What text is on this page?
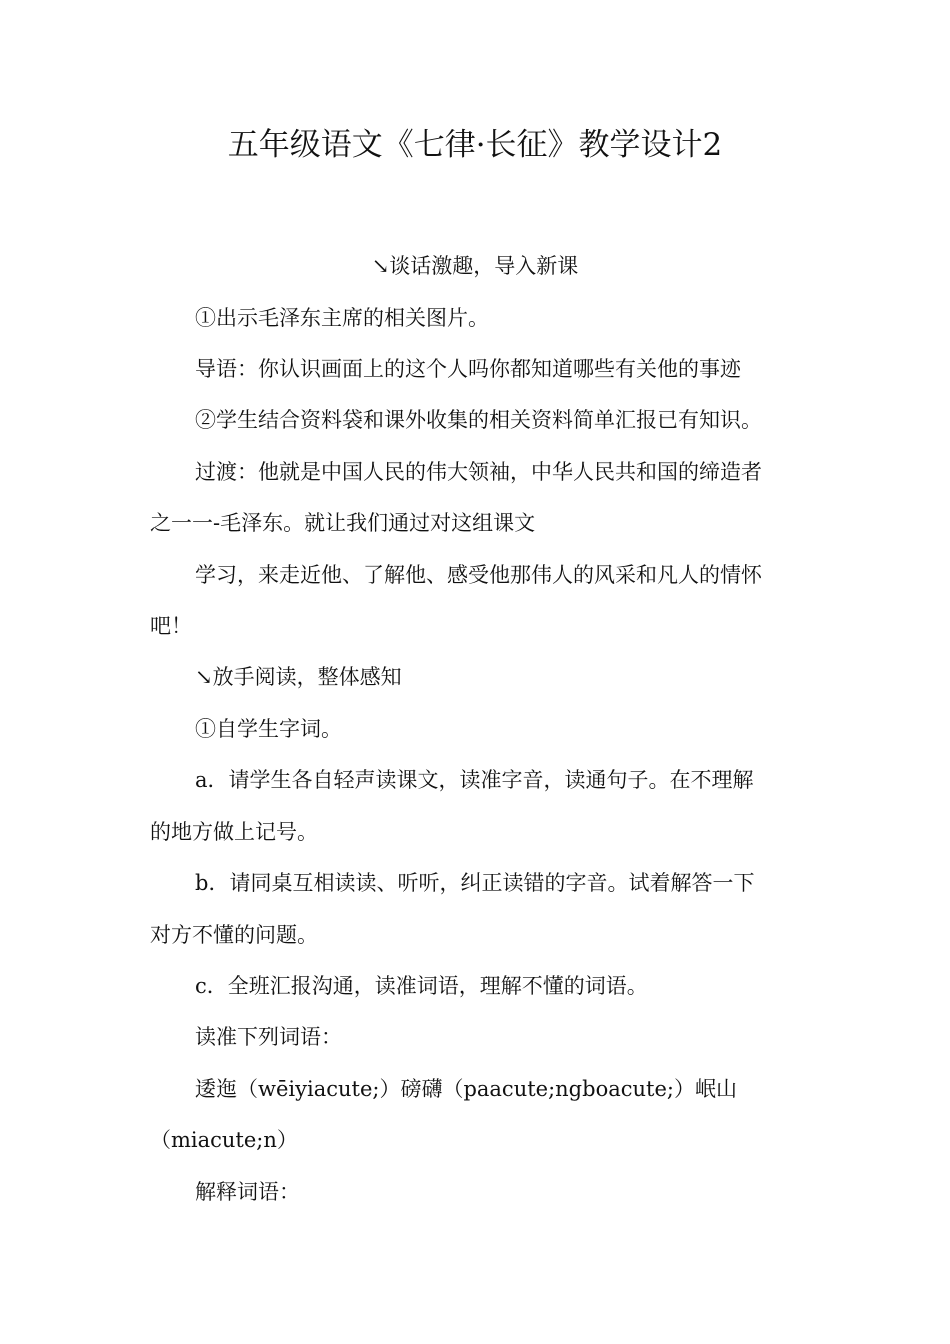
五年级语文《七律·长征》教学设计2
↘谈话激趣，导入新课
①出示毛泽东主席的相关图片。
导语：你认识画面上的这个人吗你都知道哪些有关他的事迹
②学生结合资料袋和课外收集的相关资料简单汇报已有知识。
过渡：他就是中国人民的伟大领袖，中华人民共和国的缔造者
之一一-毛泽东。就让我们通过对这组课文
学习，来走近他、了解他、感受他那伟人的风采和凡人的情怀
吧！
↘放手阅读，整体感知
①自学生字词。
a．请学生各自轻声读课文，读准字音，读通句子。在不理解
的地方做上记号。
b．请同桌互相读读、听听，纠正读错的字音。试着解答一下
对方不懂的问题。
c．全班汇报沟通，读准词语，理解不懂的词语。
读准下列词语：
逶迤（wēiyiacute;）磅礴（paacute;ngboacute;）岷山
（miacute;n）
解释词语：
